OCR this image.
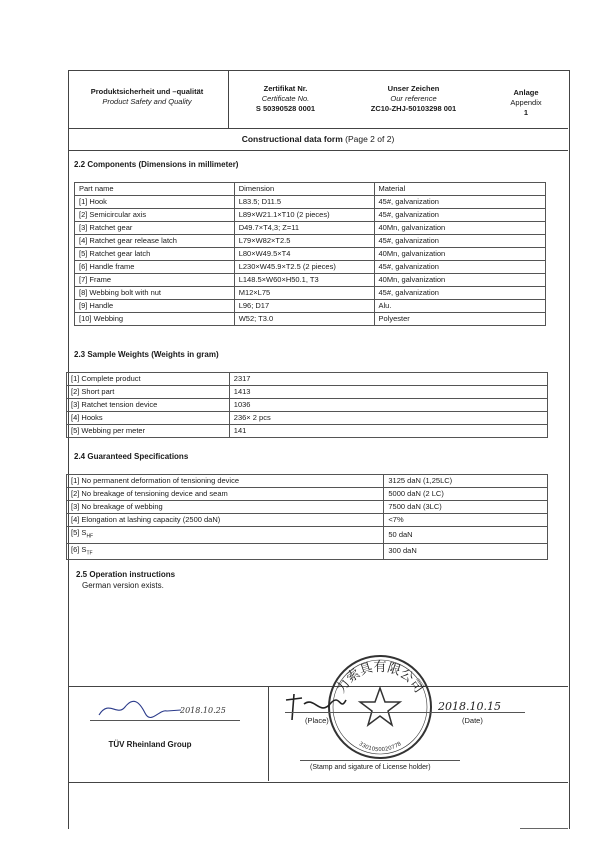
Produktsicherheit und –qualität
Product Safety and Quality
Zertifikat Nr.
Certificate No.
S 50390528 0001
Unser Zeichen
Our reference
ZC10-ZHJ-50103298 001
Anlage
Appendix
1
Constructional data form (Page 2 of 2)
2.2 Components (Dimensions in millimeter)
Part name	Dimension	Material
[1] Hook	L83.5; D11.5	45#, galvanization
[2] Semicircular axis	L89×W21.1×T10 (2 pieces)	45#, galvanization
[3] Ratchet gear	D49.7×T4,3; Z=11	40Mn, galvanization
[4] Ratchet gear release latch	L79×W82×T2.5	45#, galvanization
[5] Ratchet gear latch	L80×W49.5×T4	40Mn, galvanization
[6] Handle frame	L230×W45.9×T2.5 (2 pieces)	45#, galvanization
[7] Frame	L148.5×W60×H50.1, T3	40Mn, galvanization
[8] Webbing bolt with nut	M12×L75	45#, galvanization
[9] Handle	L96; D17	Alu.
[10] Webbing	W52; T3.0	Polyester
2.3 Sample Weights (Weights in gram)
[1] Complete product	2317
[2] Short part	1413
[3] Ratchet tension device	1036
[4] Hooks	236× 2 pcs
[5] Webbing per meter	141
2.4 Guaranteed Specifications
[1] No permanent deformation of tensioning device	3125 daN (1,25LC)
[2] No breakage of tensioning device and seam	5000 daN (2 LC)
[3] No breakage of webbing	7500 daN (3LC)
[4] Elongation at lashing capacity (2500 daN)	<7%
[5] $S_{HF}$	50 daN
[6] $S_{TF}$	300 daN
2.5 Operation instructions
German version exists.
2018.10.25
TÜV Rheinland Group
力索具有限公司
3301050020778
2018.10.15
(Place)	(Date)
(Stamp and sigature of License holder)
